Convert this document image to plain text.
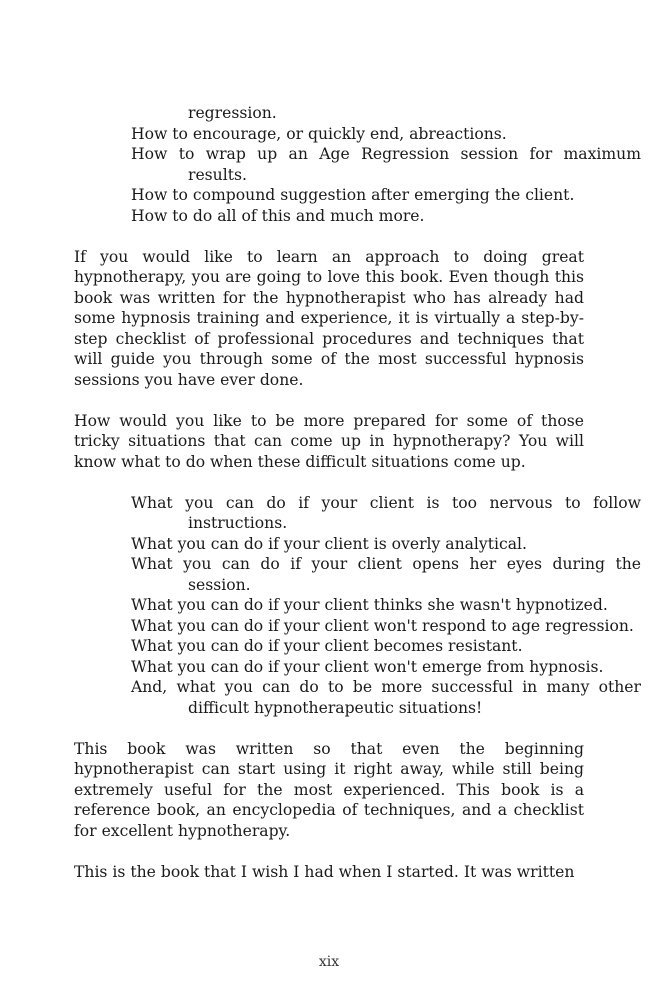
regression.
How to encourage, or quickly end, abreactions.
How to wrap up an Age Regression session for maximum results.
How to compound suggestion after emerging the client.
How to do all of this and much more.

If you would like to learn an approach to doing great hypnotherapy, you are going to love this book. Even though this book was written for the hypnotherapist who has already had some hypnosis training and experience, it is virtually a step-by-step checklist of professional procedures and techniques that will guide you through some of the most successful hypnosis sessions you have ever done.

How would you like to be more prepared for some of those tricky situations that can come up in hypnotherapy? You will know what to do when these difficult situations come up.

What you can do if your client is too nervous to follow instructions.
What you can do if your client is overly analytical.
What you can do if your client opens her eyes during the session.
What you can do if your client thinks she wasn't hypnotized.
What you can do if your client won't respond to age regression.
What you can do if your client becomes resistant.
What you can do if your client won't emerge from hypnosis.
And, what you can do to be more successful in many other difficult hypnotherapeutic situations!

This book was written so that even the beginning hypnotherapist can start using it right away, while still being extremely useful for the most experienced. This book is a reference book, an encyclopedia of techniques, and a checklist for excellent hypnotherapy.

This is the book that I wish I had when I started. It was written

xix
